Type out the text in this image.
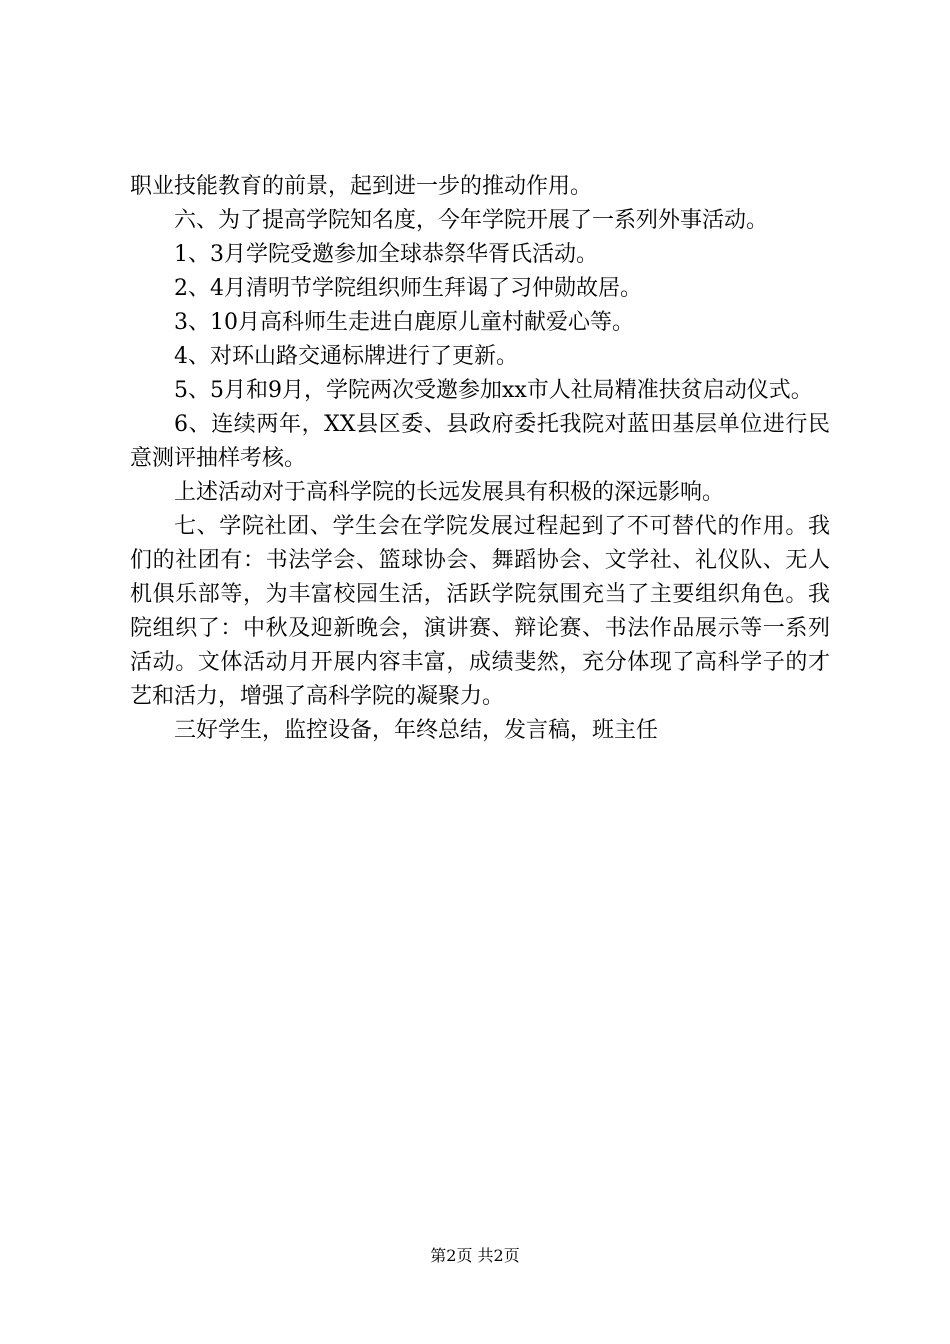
职业技能教育的前景，起到进一步的推动作用。

六、为了提高学院知名度，今年学院开展了一系列外事活动。

1、3月学院受邀参加全球恭祭华胥氏活动。

2、4月清明节学院组织师生拜谒了习仲勋故居。

3、10月高科师生走进白鹿原儿童村献爱心等。

4、对环山路交通标牌进行了更新。

5、5月和9月，学院两次受邀参加xx市人社局精准扶贫启动仪式。

6、连续两年，XX县区委、县政府委托我院对蓝田基层单位进行民意测评抽样考核。

上述活动对于高科学院的长远发展具有积极的深远影响。

七、学院社团、学生会在学院发展过程起到了不可替代的作用。我们的社团有：书法学会、篮球协会、舞蹈协会、文学社、礼仪队、无人机俱乐部等，为丰富校园生活，活跃学院氛围充当了主要组织角色。我院组织了：中秋及迎新晚会，演讲赛、辩论赛、书法作品展示等一系列活动。文体活动月开展内容丰富，成绩斐然，充分体现了高科学子的才艺和活力，增强了高科学院的凝聚力。

三好学生，监控设备，年终总结，发言稿，班主任

第2页 共2页
